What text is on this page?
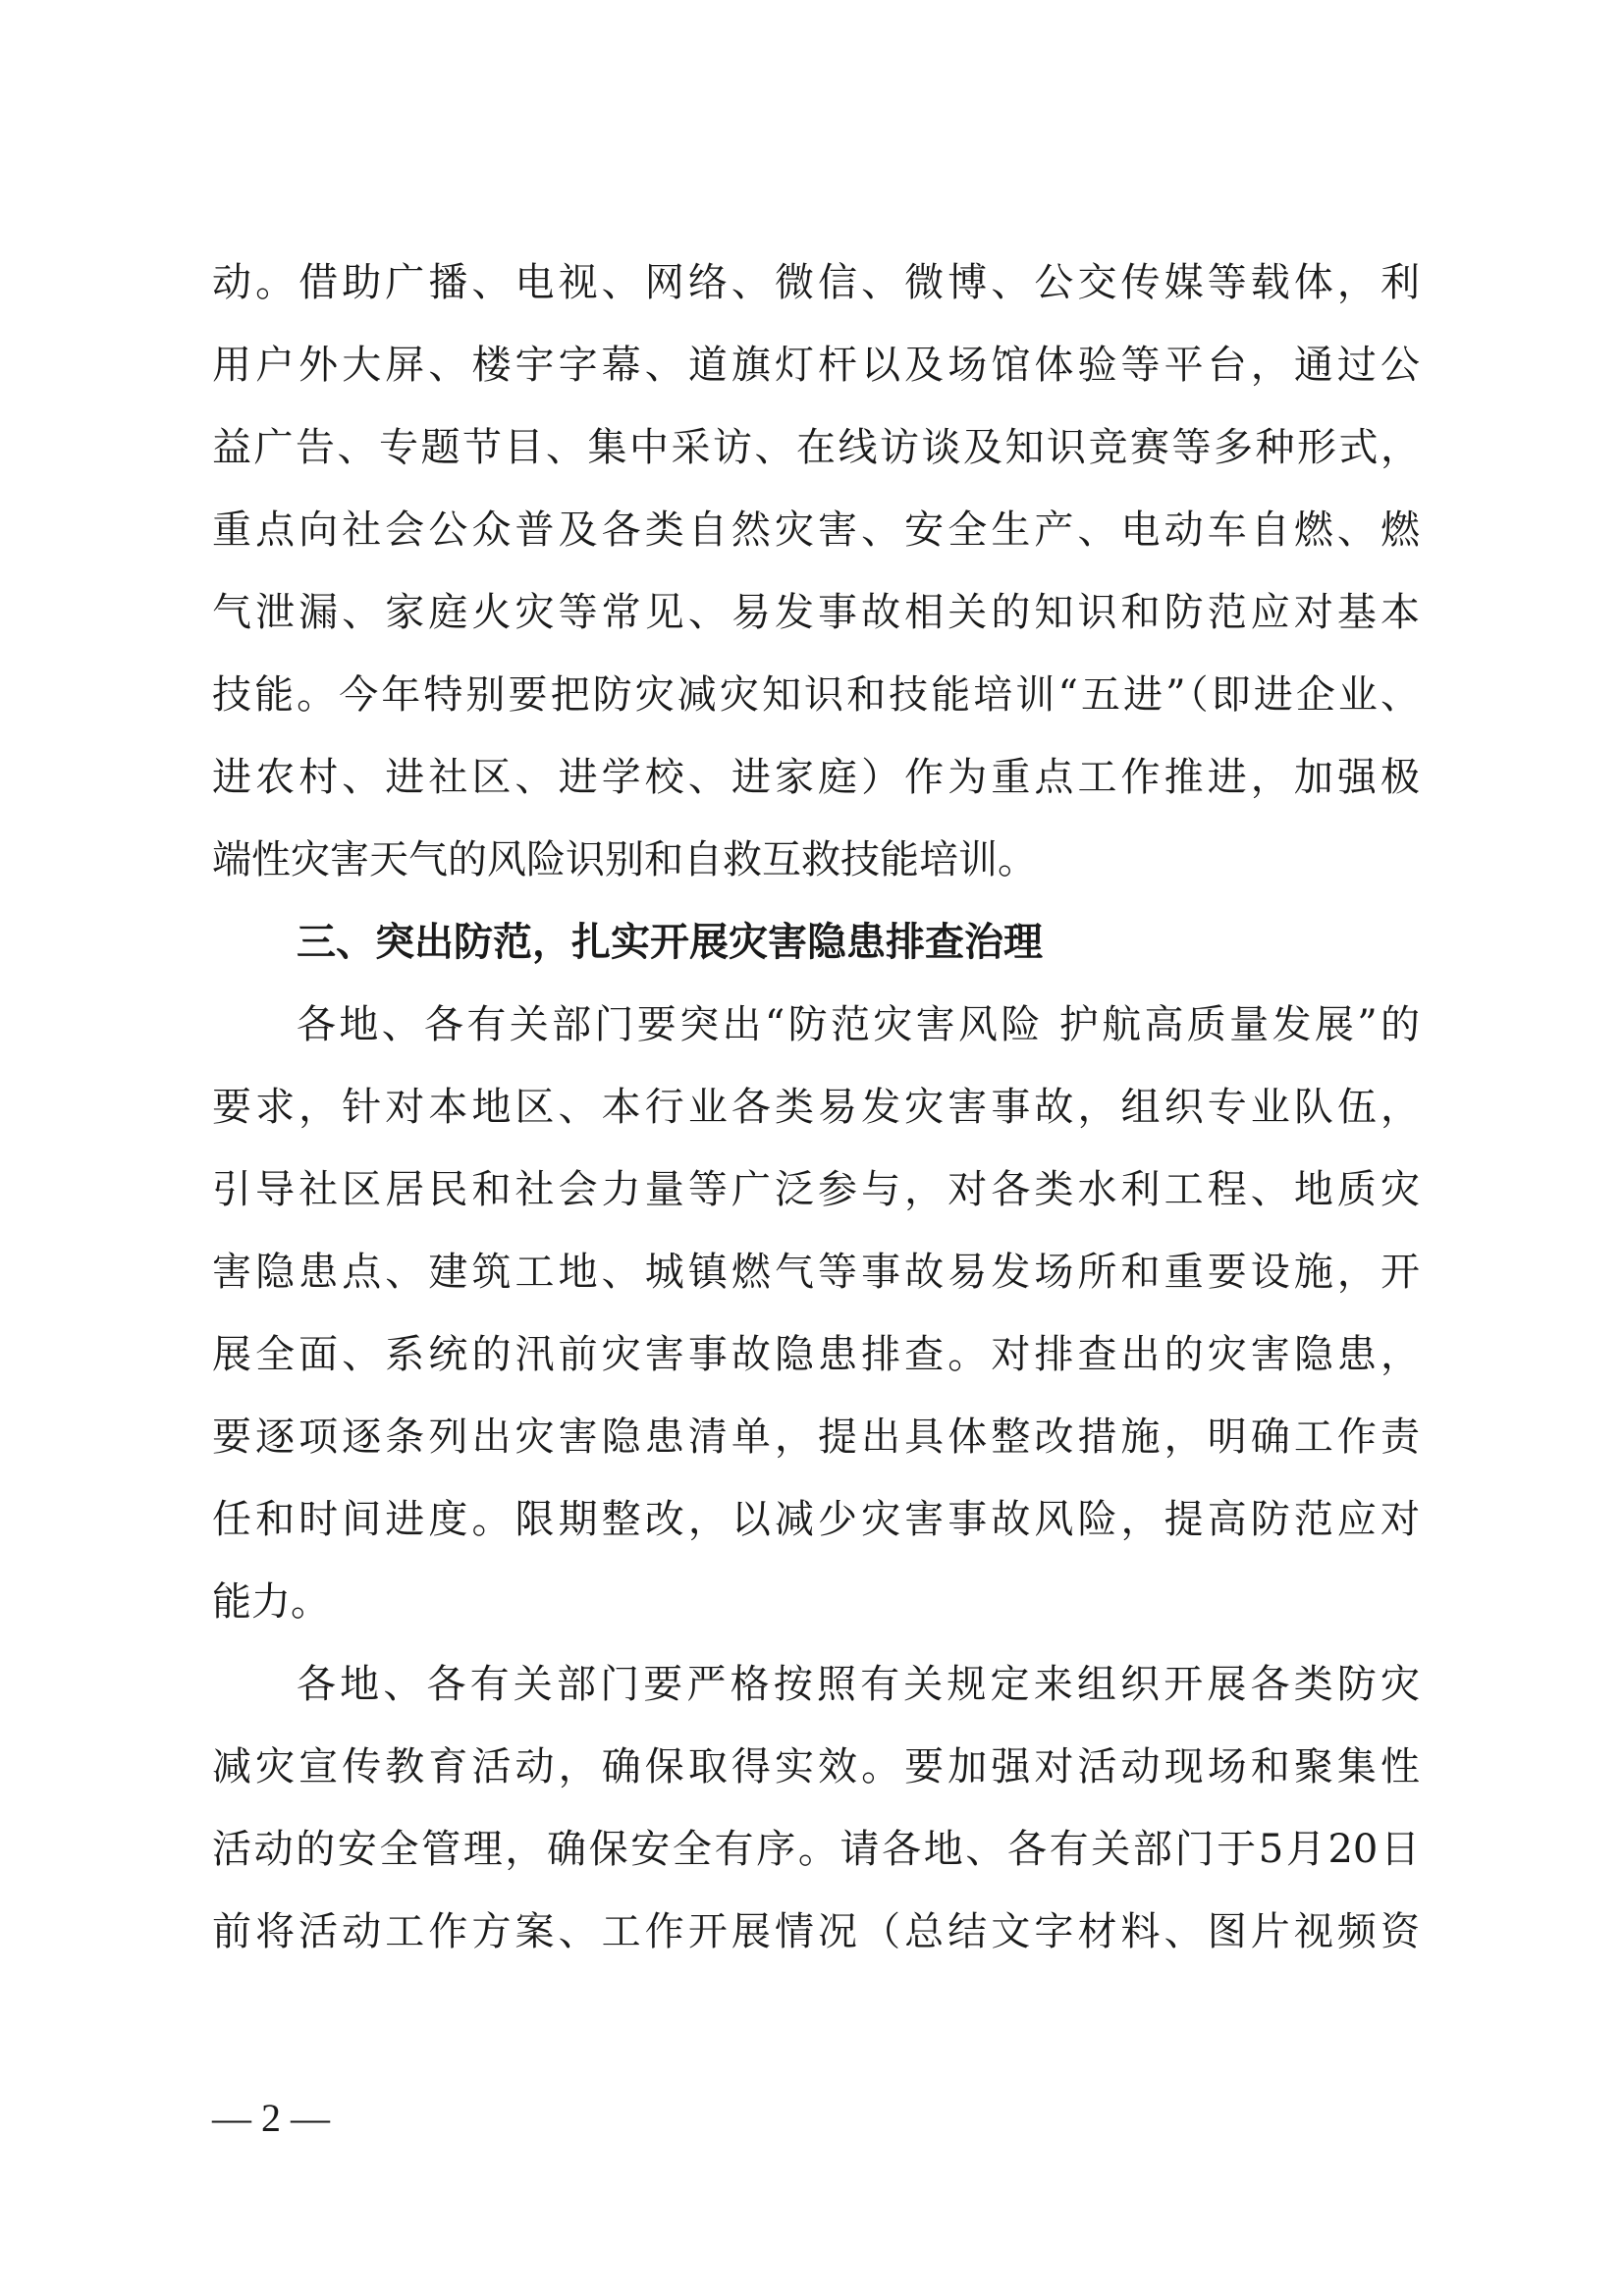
动。借助广播、电视、网络、微信、微博、公交传媒等载体，利
用户外大屏、楼宇字幕、道旗灯杆以及场馆体验等平台，通过公
益广告、专题节目、集中采访、在线访谈及知识竞赛等多种形式，
重点向社会公众普及各类自然灾害、安全生产、电动车自燃、燃
气泄漏、家庭火灾等常见、易发事故相关的知识和防范应对基本
技能。今年特别要把防灾减灾知识和技能培训“五进”（即进企业、
进农村、进社区、进学校、进家庭）作为重点工作推进，加强极
端性灾害天气的风险识别和自救互救技能培训。
三、突出防范，扎实开展灾害隐患排查治理
各地、各有关部门要突出“防范灾害风险 护航高质量发展”的
要求，针对本地区、本行业各类易发灾害事故，组织专业队伍，
引导社区居民和社会力量等广泛参与，对各类水利工程、地质灾
害隐患点、建筑工地、城镇燃气等事故易发场所和重要设施，开
展全面、系统的汛前灾害事故隐患排查。对排查出的灾害隐患，
要逐项逐条列出灾害隐患清单，提出具体整改措施，明确工作责
任和时间进度。限期整改，以减少灾害事故风险，提高防范应对
能力。
各地、各有关部门要严格按照有关规定来组织开展各类防灾
减灾宣传教育活动，确保取得实效。要加强对活动现场和聚集性
活动的安全管理，确保安全有序。请各地、各有关部门于5月20日
前将活动工作方案、工作开展情况（总结文字材料、图片视频资
— 2 —
